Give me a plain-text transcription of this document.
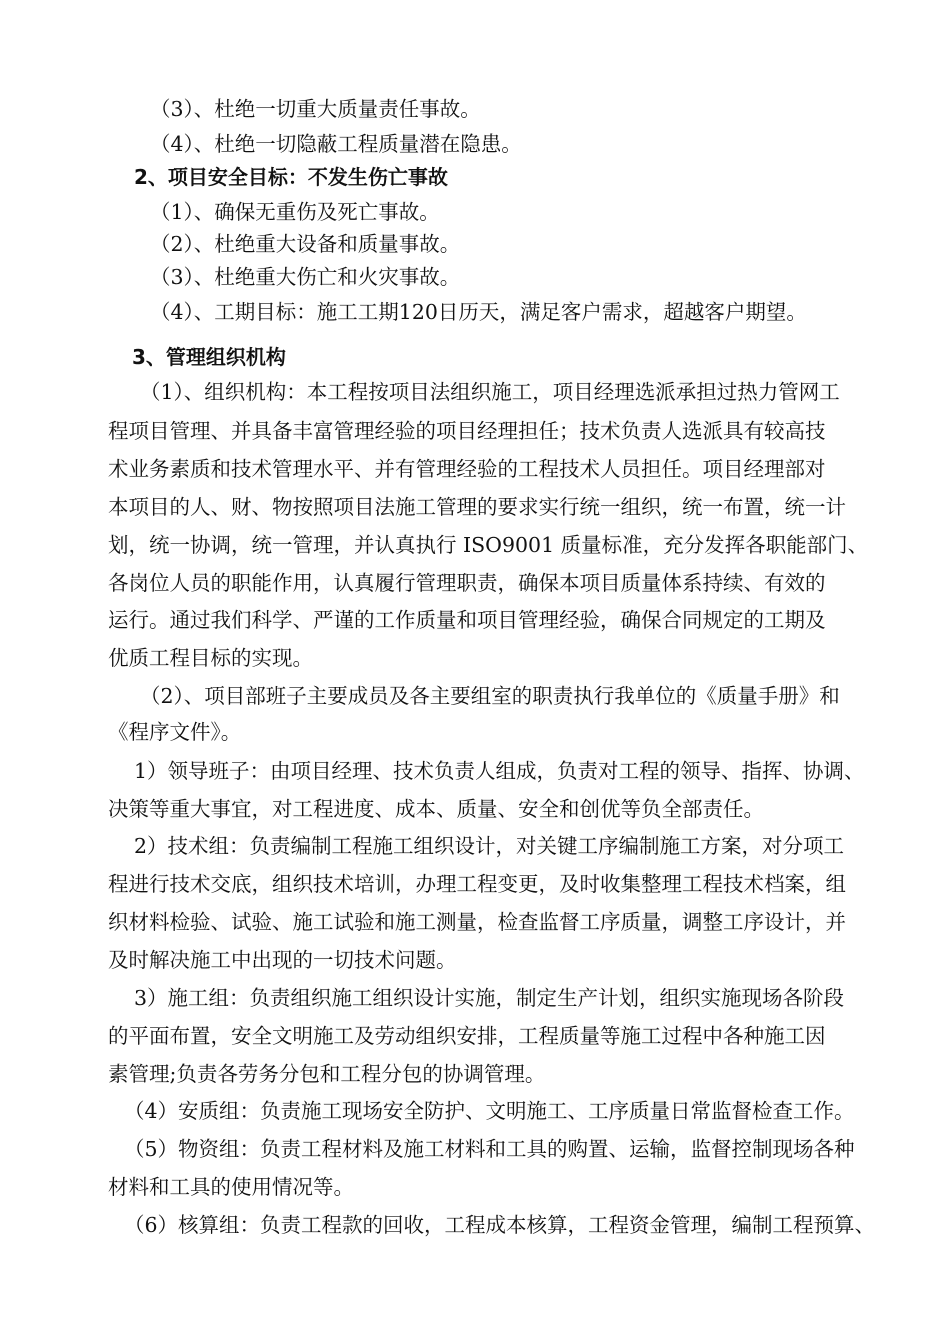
（3）、杜绝一切重大质量责任事故。
（4）、杜绝一切隐蔽工程质量潜在隐患。
2、项目安全目标：不发生伤亡事故
（1）、确保无重伤及死亡事故。
（2）、杜绝重大设备和质量事故。
（3）、杜绝重大伤亡和火灾事故。
（4）、工期目标：施工工期120日历天，满足客户需求，超越客户期望。
3、管理组织机构
（1）、组织机构：本工程按项目法组织施工，项目经理选派承担过热力管网工
程项目管理、并具备丰富管理经验的项目经理担任；技术负责人选派具有较高技
术业务素质和技术管理水平、并有管理经验的工程技术人员担任。项目经理部对
本项目的人、财、物按照项目法施工管理的要求实行统一组织，统一布置，统一计
划，统一协调，统一管理，并认真执行 ISO9001 质量标准，充分发挥各职能部门、
各岗位人员的职能作用，认真履行管理职责，确保本项目质量体系持续、有效的
运行。通过我们科学、严谨的工作质量和项目管理经验，确保合同规定的工期及
优质工程目标的实现。
（2）、项目部班子主要成员及各主要组室的职责执行我单位的《质量手册》和
《程序文件》。
1）领导班子：由项目经理、技术负责人组成，负责对工程的领导、指挥、协调、
决策等重大事宜，对工程进度、成本、质量、安全和创优等负全部责任。
2）技术组：负责编制工程施工组织设计，对关键工序编制施工方案，对分项工
程进行技术交底，组织技术培训，办理工程变更，及时收集整理工程技术档案，组
织材料检验、试验、施工试验和施工测量，检查监督工序质量，调整工序设计，并
及时解决施工中出现的一切技术问题。
3）施工组：负责组织施工组织设计实施，制定生产计划，组织实施现场各阶段
的平面布置，安全文明施工及劳动组织安排，工程质量等施工过程中各种施工因
素管理;负责各劳务分包和工程分包的协调管理。
（4）安质组：负责施工现场安全防护、文明施工、工序质量日常监督检查工作。
（5）物资组：负责工程材料及施工材料和工具的购置、运输，监督控制现场各种
材料和工具的使用情况等。
（6）核算组：负责工程款的回收，工程成本核算，工程资金管理，编制工程预算、
